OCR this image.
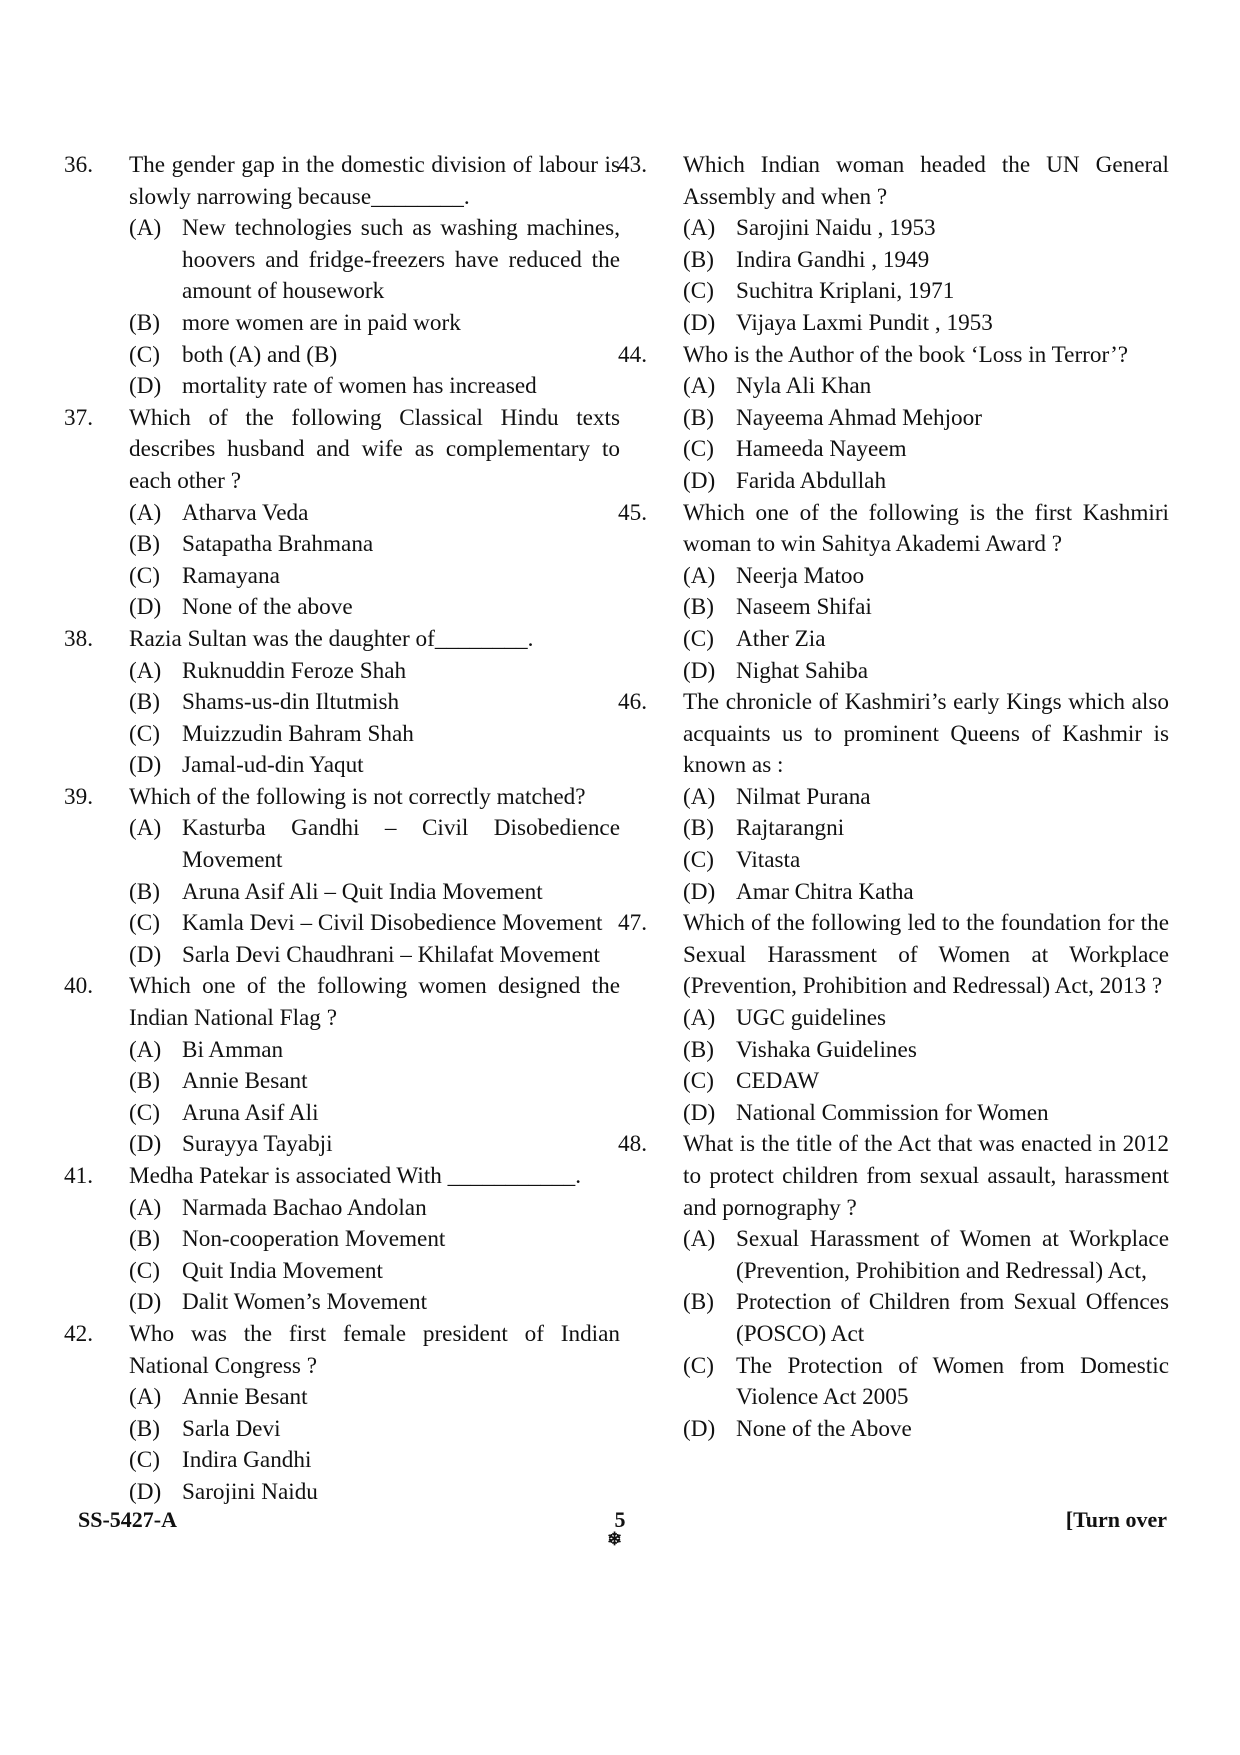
36.	The gender gap in the domestic division of labour is slowly narrowing because________.
(A) New technologies such as washing machines, hoovers and fridge-freezers have reduced the amount of housework
(B) more women are in paid work
(C) both (A) and (B)
(D) mortality rate of women has increased
37.	Which of the following Classical Hindu texts describes husband and wife as complementary to each other ?
(A) Atharva Veda
(B) Satapatha Brahmana
(C) Ramayana
(D) None of the above
38.	Razia Sultan was the daughter of________.
(A) Ruknuddin Feroze Shah
(B) Shams-us-din Iltutmish
(C) Muizzudin Bahram Shah
(D) Jamal-ud-din Yaqut
39.	Which of the following is not correctly matched?
(A) Kasturba Gandhi – Civil Disobedience Movement
(B) Aruna Asif Ali – Quit India Movement
(C) Kamla Devi – Civil Disobedience Movement
(D) Sarla Devi Chaudhrani – Khilafat Movement
40.	Which one of the following women designed the Indian National Flag ?
(A) Bi Amman
(B) Annie Besant
(C) Aruna Asif Ali
(D) Surayya Tayabji
41.	Medha Patekar is associated With ___________.
(A) Narmada Bachao Andolan
(B) Non-cooperation Movement
(C) Quit India Movement
(D) Dalit Women’s Movement
42.	Who was the first female president of Indian National Congress ?
(A) Annie Besant
(B) Sarla Devi
(C) Indira Gandhi
(D) Sarojini Naidu
43.	Which Indian woman headed the UN General Assembly and when ?
(A) Sarojini Naidu , 1953
(B) Indira Gandhi , 1949
(C) Suchitra Kriplani, 1971
(D) Vijaya Laxmi Pundit , 1953
44.	Who is the Author of the book ‘Loss in Terror’?
(A) Nyla Ali Khan
(B) Nayeema Ahmad Mehjoor
(C) Hameeda Nayeem
(D) Farida Abdullah
45.	Which one of the following is the first Kashmiri woman to win Sahitya Akademi Award ?
(A) Neerja Matoo
(B) Naseem Shifai
(C) Ather Zia
(D) Nighat Sahiba
46.	The chronicle of Kashmiri’s early Kings which also acquaints us to prominent Queens of Kashmir is known as :
(A) Nilmat Purana
(B) Rajtarangni
(C) Vitasta
(D) Amar Chitra Katha
47.	Which of the following led to the foundation for the Sexual Harassment of Women at Workplace (Prevention, Prohibition and Redressal) Act, 2013 ?
(A) UGC guidelines
(B) Vishaka Guidelines
(C) CEDAW
(D) National Commission for Women
48.	What is the title of the Act that was enacted in 2012 to protect children from sexual assault, harassment and pornography ?
(A) Sexual Harassment of Women at Workplace (Prevention, Prohibition and Redressal) Act,
(B) Protection of Children from Sexual Offences (POSCO) Act
(C) The Protection of Women from Domestic Violence Act 2005
(D) None of the Above
SS-5427-A	5
❄
[Turn over
